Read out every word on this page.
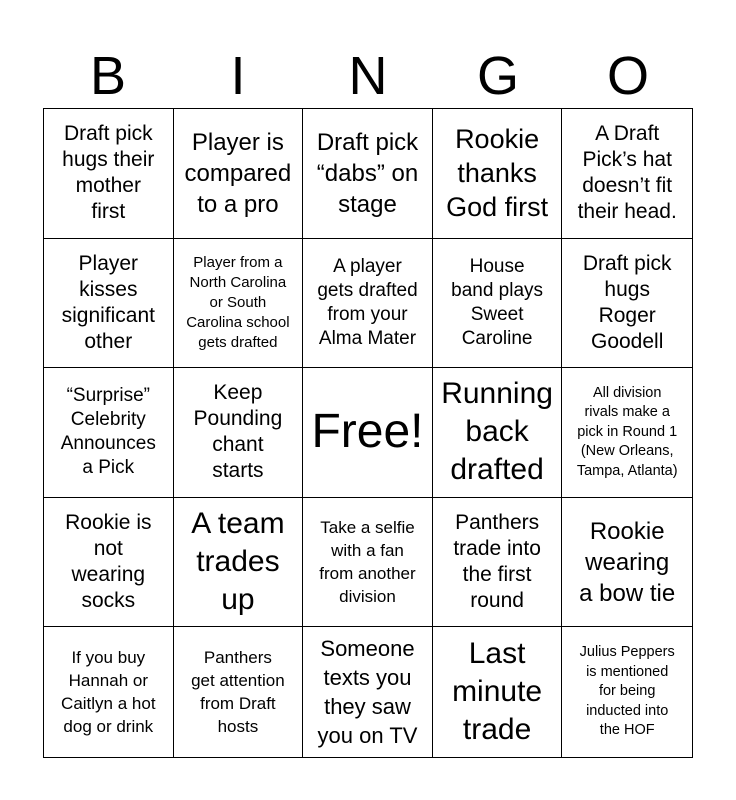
B	I	N	G	O
Draft pick
hugs their
mother
first
Player is
compared
to a pro
Draft pick
“dabs” on
stage
Rookie
thanks
God first
A Draft
Pick’s hat
doesn’t fit
their head.
Player
kisses
significant
other
Player from a
North Carolina
or South
Carolina school
gets drafted
A player
gets drafted
from your
Alma Mater
House
band plays
Sweet
Caroline
Draft pick
hugs
Roger
Goodell
“Surprise”
Celebrity
Announces
a Pick
Keep
Pounding
chant
starts
Free!
Running
back
drafted
All division
rivals make a
pick in Round 1
(New Orleans,
Tampa, Atlanta)
Rookie is
not
wearing
socks
A team
trades
up
Take a selfie
with a fan
from another
division
Panthers
trade into
the first
round
Rookie
wearing
a bow tie
If you buy
Hannah or
Caitlyn a hot
dog or drink
Panthers
get attention
from Draft
hosts
Someone
texts you
they saw
you on TV
Last
minute
trade
Julius Peppers
is mentioned
for being
inducted into
the HOF
